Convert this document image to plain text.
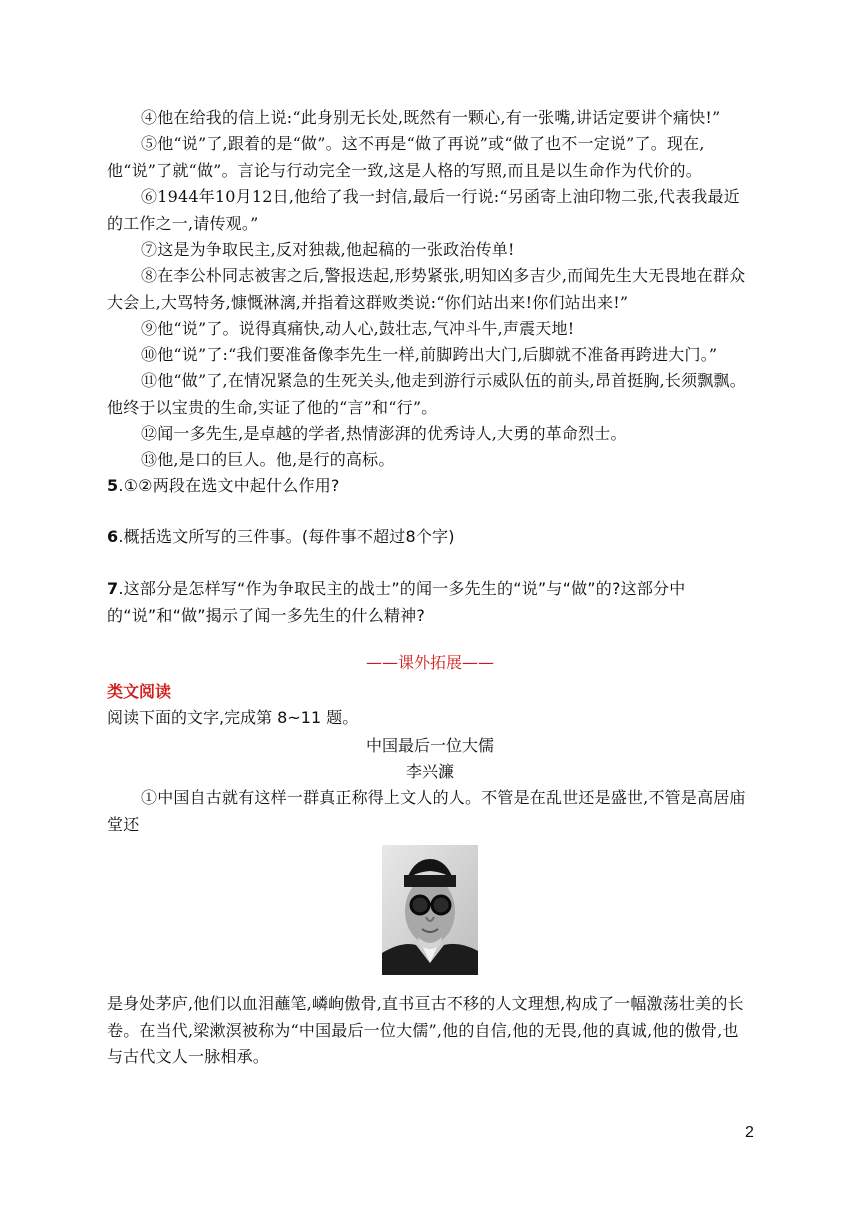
④他在给我的信上说:“此身别无长处,既然有一颗心,有一张嘴,讲话定要讲个痛快!”
⑤他“说”了,跟着的是“做”。这不再是“做了再说”或“做了也不一定说”了。现在,他“说”了就“做”。言论与行动完全一致,这是人格的写照,而且是以生命作为代价的。
⑥1944年10月12日,他给了我一封信,最后一行说:“另函寄上油印物二张,代表我最近的工作之一,请传观。”
⑦这是为争取民主,反对独裁,他起稿的一张政治传单!
⑧在李公朴同志被害之后,警报迭起,形势紧张,明知凶多吉少,而闻先生大无畏地在群众大会上,大骂特务,慷慨淋漓,并指着这群败类说:“你们站出来!你们站出来!”
⑨他“说”了。说得真痛快,动人心,鼓壮志,气冲斗牛,声震天地!
⑩他“说”了:“我们要准备像李先生一样,前脚跨出大门,后脚就不准备再跨进大门。”
⑪他“做”了,在情况紧急的生死关头,他走到游行示威队伍的前头,昂首挺胸,长须飘飘。他终于以宝贵的生命,实证了他的“言”和“行”。
⑫闻一多先生,是卓越的学者,热情澎湃的优秀诗人,大勇的革命烈士。
⑬他,是口的巨人。他,是行的高标。
5.①②两段在选文中起什么作用?
6.概括选文所写的三件事。(每件事不超过8个字)
7.这部分是怎样写“作为争取民主的战士”的闻一多先生的“说”与“做”的?这部分中的“说”和“做”揭示了闻一多先生的什么精神?
——课外拓展——
类文阅读
阅读下面的文字,完成第 8~11 题。
中国最后一位大儒
李兴濂
①中国自古就有这样一群真正称得上文人的人。不管是在乱世还是盛世,不管是高居庙堂还
是身处茅庐,他们以血泪蘸笔,嶙峋傲骨,直书亘古不移的人文理想,构成了一幅激荡壮美的长卷。在当代,梁漱溟被称为“中国最后一位大儒”,他的自信,他的无畏,他的真诚,他的傲骨,也与古代文人一脉相承。
2
